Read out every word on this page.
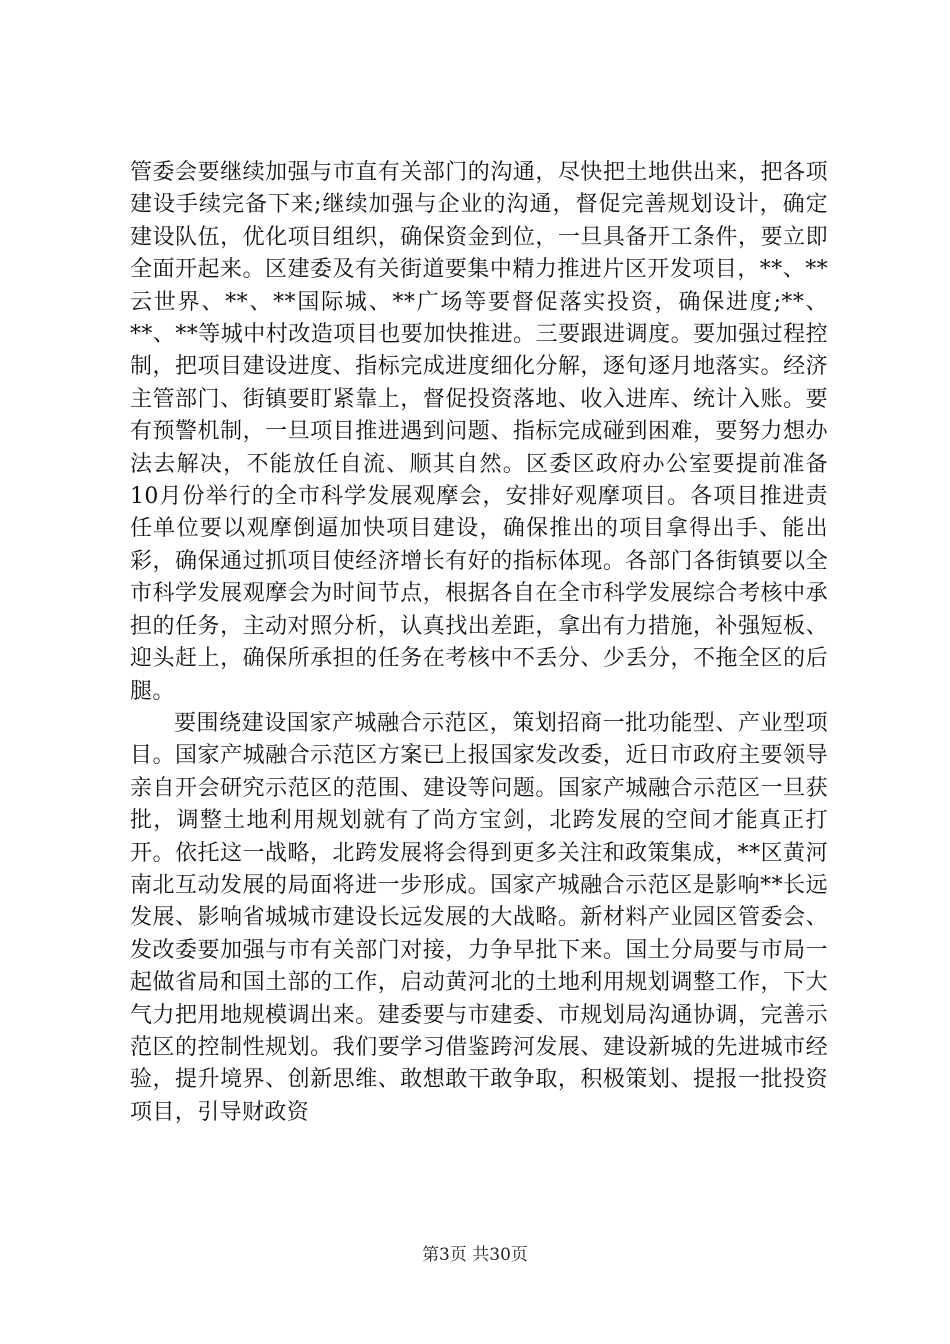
管委会要继续加强与市直有关部门的沟通，尽快把土地供出来，把各项建设手续完备下来;继续加强与企业的沟通，督促完善规划设计，确定建设队伍，优化项目组织，确保资金到位，一旦具备开工条件，要立即全面开起来。区建委及有关街道要集中精力推进片区开发项目，**、**云世界、**、**国际城、**广场等要督促落实投资，确保进度;**、**、**等城中村改造项目也要加快推进。三要跟进调度。要加强过程控制，把项目建设进度、指标完成进度细化分解，逐旬逐月地落实。经济主管部门、街镇要盯紧靠上，督促投资落地、收入进库、统计入账。要有预警机制，一旦项目推进遇到问题、指标完成碰到困难，要努力想办法去解决，不能放任自流、顺其自然。区委区政府办公室要提前准备10月份举行的全市科学发展观摩会，安排好观摩项目。各项目推进责任单位要以观摩倒逼加快项目建设，确保推出的项目拿得出手、能出彩，确保通过抓项目使经济增长有好的指标体现。各部门各街镇要以全市科学发展观摩会为时间节点，根据各自在全市科学发展综合考核中承担的任务，主动对照分析，认真找出差距，拿出有力措施，补强短板、迎头赶上，确保所承担的任务在考核中不丢分、少丢分，不拖全区的后腿。

要围绕建设国家产城融合示范区，策划招商一批功能型、产业型项目。国家产城融合示范区方案已上报国家发改委，近日市政府主要领导亲自开会研究示范区的范围、建设等问题。国家产城融合示范区一旦获批，调整土地利用规划就有了尚方宝剑，北跨发展的空间才能真正打开。依托这一战略，北跨发展将会得到更多关注和政策集成，**区黄河南北互动发展的局面将进一步形成。国家产城融合示范区是影响**长远发展、影响省城城市建设长远发展的大战略。新材料产业园区管委会、发改委要加强与市有关部门对接，力争早批下来。国土分局要与市局一起做省局和国土部的工作，启动黄河北的土地利用规划调整工作，下大气力把用地规模调出来。建委要与市建委、市规划局沟通协调，完善示范区的控制性规划。我们要学习借鉴跨河发展、建设新城的先进城市经验，提升境界、创新思维、敢想敢干敢争取，积极策划、提报一批投资项目，引导财政资

第3页 共30页
